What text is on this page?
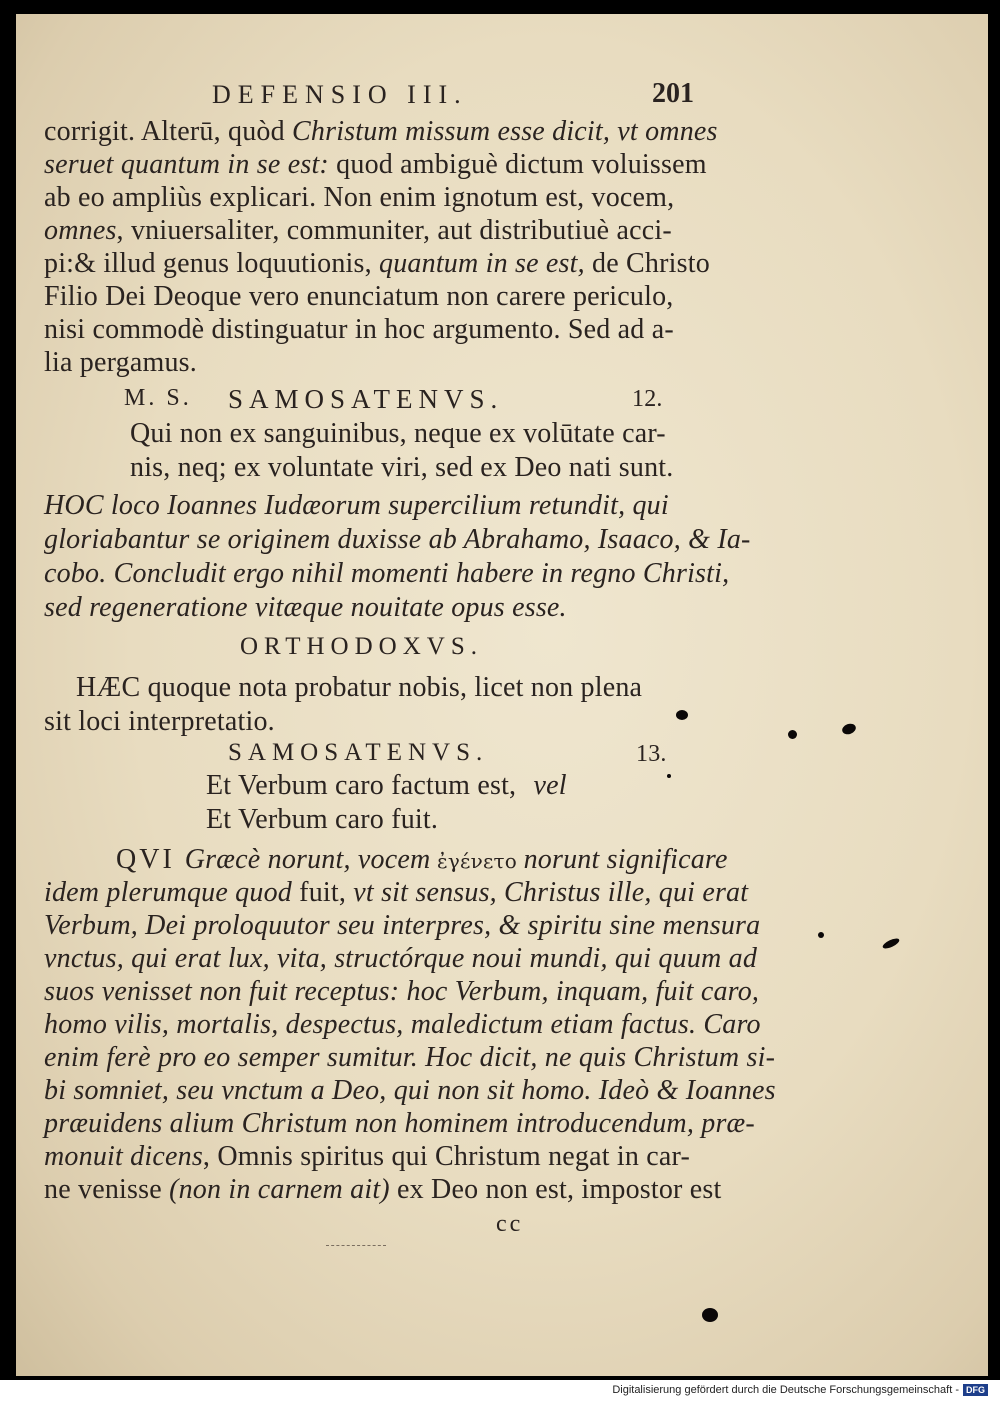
DEFENSIO III.	201
corrigit. Alterū, quòd Christum missum esse dicit, vt omnes
seruet quantum in se est: quod ambiguè dictum voluissem
ab eo ampliùs explicari. Non enim ignotum est, vocem,
omnes, vniuersaliter, communiter, aut distributiuè acci-
pi:& illud genus loquutionis, quantum in se est, de Christo
Filio Dei Deoque vero enunciatum non carere periculo,
nisi commodè distinguatur in hoc argumento. Sed ad a-
lia pergamus.
M. S. SAMOSATENVS.	12.
Qui non ex sanguinibus, neque ex volūtate car-
nis, neq; ex voluntate viri, sed ex Deo nati sunt.
HOC loco Ioannes Iudæorum supercilium retundit, qui
gloriabantur se originem duxisse ab Abrahamo, Isaaco, & Ia-
cobo. Concludit ergo nihil momenti habere in regno Christi,
sed regeneratione vitæque nouitate opus esse.
ORTHODOXVS.
HÆC quoque nota probatur nobis, licet non plena
sit loci interpretatio.
SAMOSATENVS.	13.
Et Verbum caro factum est, vel
Et Verbum caro fuit.
QVI Græcè norunt, vocem ἐγένετο norunt significare
idem plerumque quod fuit, vt sit sensus, Christus ille, qui erat
Verbum, Dei proloquutor seu interpres, & spiritu sine mensura
vnctus, qui erat lux, vita, structórque noui mundi, qui quum ad
suos venisset non fuit receptus: hoc Verbum, inquam, fuit caro,
homo vilis, mortalis, despectus, maledictum etiam factus. Caro
enim ferè pro eo semper sumitur. Hoc dicit, ne quis Christum si-
bi somniet, seu vnctum a Deo, qui non sit homo. Ideò & Ioannes
præuidens alium Christum non hominem introducendum, præ-
monuit dicens, Omnis spiritus qui Christum negat in car-
ne venisse (non in carnem ait) ex Deo non est, impostor est
cc
Digitalisierung gefördert durch die Deutsche Forschungsgemeinschaft - DFG
